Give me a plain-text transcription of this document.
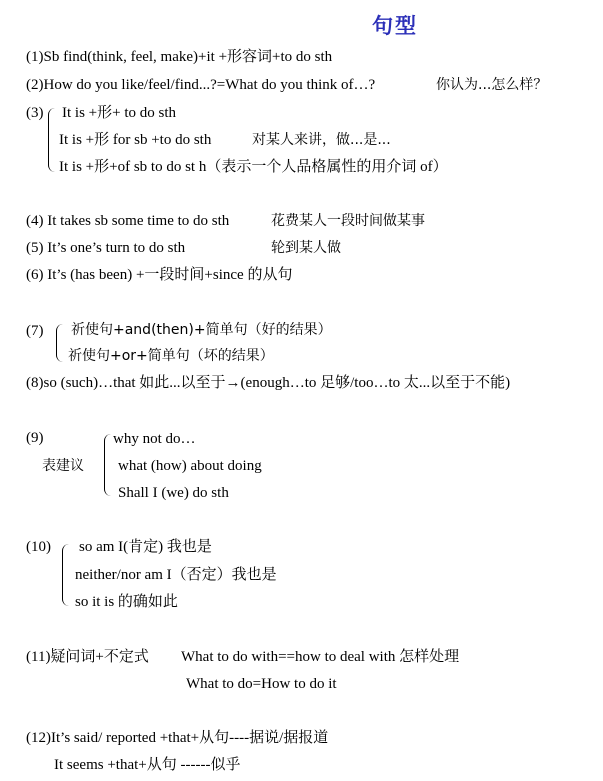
句型
(1)Sb find(think, feel, make)+it +形容词+to do sth
(2)How do you like/feel/find...?=What do you think of…?	你认为...怎么样？
(3) It is +形+ to do sth
It is +形 for sb +to do sth	对某人来讲，做...是...
It is +形+of sb to do st h（表示一个人品格属性的用介词 of）
(4) It takes sb some time to do sth	花费某人一段时间做某事
(5) It’s one’s turn to do sth	轮到某人做
(6) It’s (has been) +一段时间+since 的从句
(7) 祈使句+and(then)+简单句（好的结果）
祈使句+or+简单句（坏的结果）
(8)so (such)…that 如此...以至于→(enough…to 足够/too…to 太...以至于不能)
(9)
表建议
why not do…
what (how) about doing
Shall I (we) do sth
(10) so am I(肯定) 我也是
neither/nor am I（否定）我也是
so it is 的确如此
(11)疑问词+不定式 What to do with==how to deal with 怎样处理
What to do=How to do it
(12)It’s said/ reported +that+从句----据说/据报道
It seems +that+从句 ------似乎
